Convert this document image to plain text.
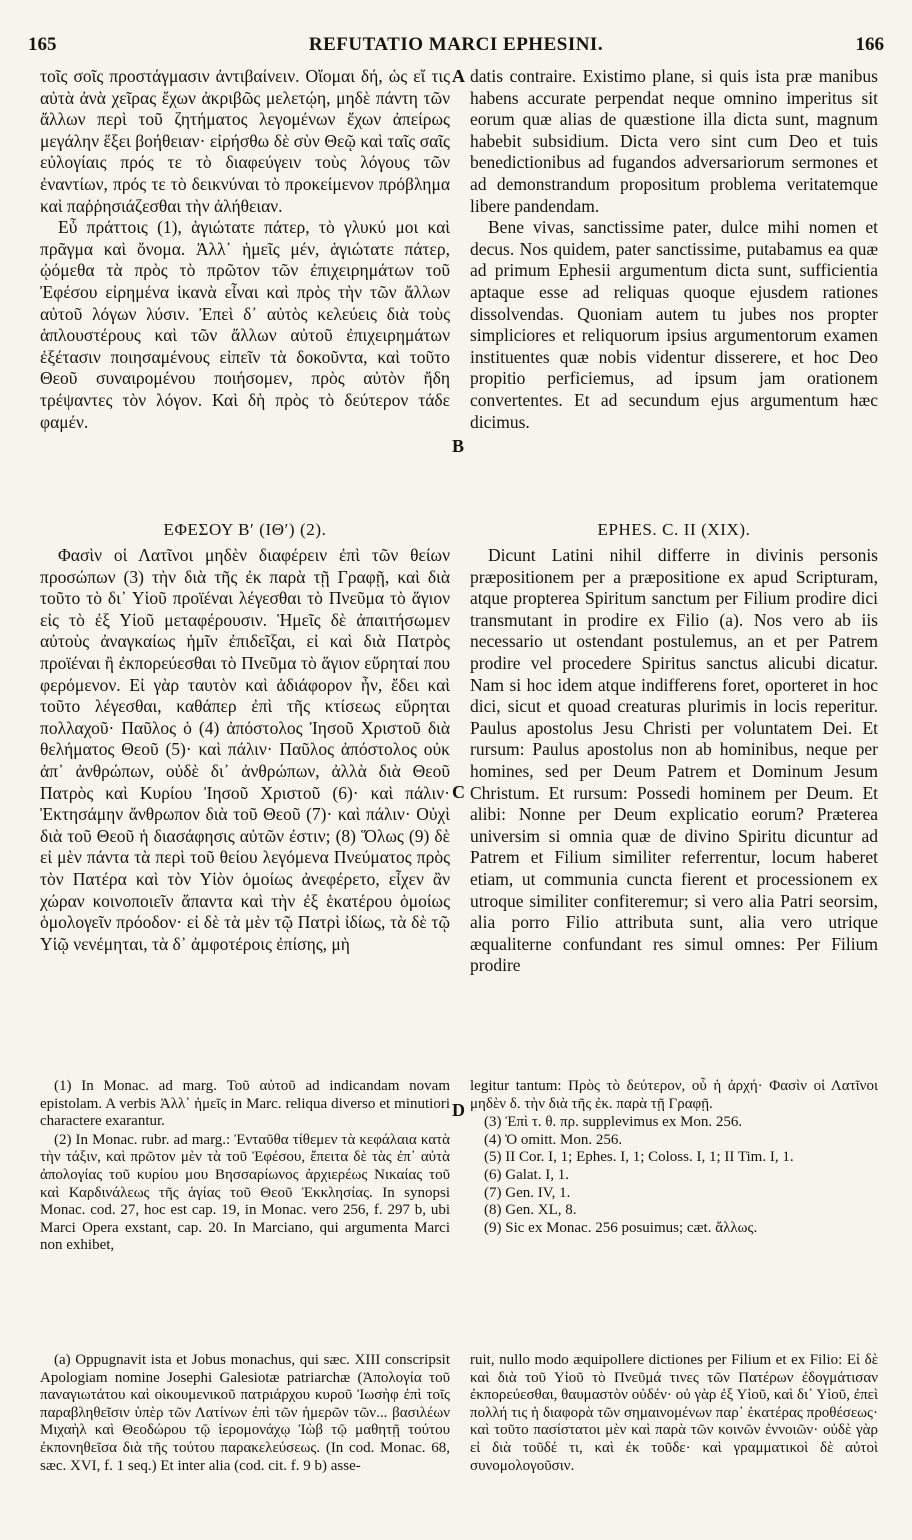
165	REFUTATIO MARCI EPHESINI.	166
A
B
C
D

τοῖς σοῖς προστάγμασιν ἀντιβαίνειν. Οἴομαι δή, ὡς εἴ τις αὐτὰ ἀνὰ χεῖρας ἔχων ἀκριβῶς μελετῴη, μηδὲ πάντη τῶν ἄλλων περὶ τοῦ ζητήματος λεγομένων ἔχων ἀπείρως μεγάλην ἕξει βοήθειαν· εἰρήσθω δὲ σὺν Θεῷ καὶ ταῖς σαῖς εὐλογίαις πρός τε τὸ διαφεύγειν τοὺς λόγους τῶν ἐναντίων, πρός τε τὸ δεικνύναι τὸ προκείμενον πρόβλημα καὶ παῤῥησιάζεσθαι τὴν ἀλήθειαν.

Εὖ πράττοις (1), ἁγιώτατε πάτερ, τὸ γλυκύ μοι καὶ πρᾶγμα καὶ ὄνομα. Ἀλλ᾽ ἡμεῖς μέν, ἁγιώτατε πάτερ, ᾠόμεθα τὰ πρὸς τὸ πρῶτον τῶν ἐπιχειρημάτων τοῦ Ἐφέσου εἰρημένα ἱκανὰ εἶναι καὶ πρὸς τὴν τῶν ἄλλων αὐτοῦ λόγων λύσιν. Ἐπεὶ δ᾽ αὐτὸς κελεύεις διὰ τοὺς ἁπλουστέρους καὶ τῶν ἄλλων αὐτοῦ ἐπιχειρημάτων ἐξέτασιν ποιησαμένους εἰπεῖν τὰ δοκοῦντα, καὶ τοῦτο Θεοῦ συναιρομένου ποιήσομεν, πρὸς αὐτὸν ἤδη τρέψαντες τὸν λόγον. Καὶ δὴ πρὸς τὸ δεύτερον τάδε φαμέν.

datis contraire. Existimo plane, si quis ista præ manibus habens accurate perpendat neque omnino imperitus sit eorum quæ alias de quæstione illa dicta sunt, magnum habebit subsidium. Dicta vero sint cum Deo et tuis benedictionibus ad fugandos adversariorum sermones et ad demonstrandum propositum problema veritatemque libere pandendam.

Bene vivas, sanctissime pater, dulce mihi nomen et decus. Nos quidem, pater sanctissime, putabamus ea quæ ad primum Ephesii argumentum dicta sunt, sufficientia aptaque esse ad reliquas quoque ejusdem rationes dissolvendas. Quoniam autem tu jubes nos propter simpliciores et reliquorum ipsius argumentorum examen instituentes quæ nobis videntur disserere, et hoc Deo propitio perficiemus, ad ipsum jam orationem convertentes. Et ad secundum ejus argumentum hæc dicimus.

ΕΦΕΣΟΥ Β′ (ΙΘ′) (2).	EPHES. C. II (XIX).

Φασὶν οἱ Λατῖνοι μηδὲν διαφέρειν ἐπὶ τῶν θείων προσώπων (3) τὴν διὰ τῆς ἐκ παρὰ τῇ Γραφῇ, καὶ διὰ τοῦτο τὸ δι᾽ Υἱοῦ προϊέναι λέγεσθαι τὸ Πνεῦμα τὸ ἅγιον εἰς τὸ ἐξ Υἱοῦ μεταφέρουσιν. Ἡμεῖς δὲ ἀπαιτήσωμεν αὐτοὺς ἀναγκαίως ἡμῖν ἐπιδεῖξαι, εἰ καὶ διὰ Πατρὸς προϊέναι ἢ ἐκπορεύεσθαι τὸ Πνεῦμα τὸ ἅγιον εὕρηταί που φερόμενον. Εἰ γὰρ ταυτὸν καὶ ἀδιάφορον ἦν, ἔδει καὶ τοῦτο λέγεσθαι, καθάπερ ἐπὶ τῆς κτίσεως εὕρηται πολλαχοῦ· Παῦλος ὁ (4) ἀπόστολος Ἰησοῦ Χριστοῦ διὰ θελήματος Θεοῦ (5)· καὶ πάλιν· Παῦλος ἀπόστολος οὐκ ἀπ᾽ ἀνθρώπων, οὐδὲ δι᾽ ἀνθρώπων, ἀλλὰ διὰ Θεοῦ Πατρὸς καὶ Κυρίου Ἰησοῦ Χριστοῦ (6)· καὶ πάλιν· Ἐκτησάμην ἄνθρωπον διὰ τοῦ Θεοῦ (7)· καὶ πάλιν· Οὐχὶ διὰ τοῦ Θεοῦ ἡ διασάφησις αὐτῶν ἐστιν; (8) Ὅλως (9) δὲ εἰ μὲν πάντα τὰ περὶ τοῦ θείου λεγόμενα Πνεύματος πρὸς τὸν Πατέρα καὶ τὸν Υἱὸν ὁμοίως ἀνεφέρετο, εἶχεν ἂν χώραν κοινοποιεῖν ἅπαντα καὶ τὴν ἐξ ἑκατέρου ὁμοίως ὁμολογεῖν πρόοδον· εἰ δὲ τὰ μὲν τῷ Πατρὶ ἰδίως, τὰ δὲ τῷ Υἱῷ νενέμηται, τὰ δ᾽ ἀμφοτέροις ἐπίσης, μὴ

Dicunt Latini nihil differre in divinis personis præpositionem per a præpositione ex apud Scripturam, atque propterea Spiritum sanctum per Filium prodire dici transmutant in prodire ex Filio (a). Nos vero ab iis necessario ut ostendant postulemus, an et per Patrem prodire vel procedere Spiritus sanctus alicubi dicatur. Nam si hoc idem atque indifferens foret, oporteret in hoc dici, sicut et quoad creaturas plurimis in locis reperitur. Paulus apostolus Jesu Christi per voluntatem Dei. Et rursum: Paulus apostolus non ab hominibus, neque per homines, sed per Deum Patrem et Dominum Jesum Christum. Et rursum: Possedi hominem per Deum. Et alibi: Nonne per Deum explicatio eorum? Præterea universim si omnia quæ de divino Spiritu dicuntur ad Patrem et Filium similiter referrentur, locum haberet etiam, ut communia cuncta fierent et processionem ex utroque similiter confiteremur; si vero alia Patri seorsim, alia porro Filio attributa sunt, alia vero utrique æqualiterne confundant res simul omnes: Per Filium prodire

(1) In Monac. ad marg. Τοῦ αὐτοῦ ad indicandam novam epistolam. A verbis Ἀλλ᾽ ἡμεῖς in Marc. reliqua diverso et minutiori charactere exarantur.

(2) In Monac. rubr. ad marg.: Ἐνταῦθα τίθεμεν τὰ κεφάλαια κατὰ τὴν τάξιν, καὶ πρῶτον μὲν τὰ τοῦ Ἐφέσου, ἔπειτα δὲ τὰς ἐπ᾽ αὐτὰ ἀπολογίας τοῦ κυρίου μου Βησσαρίωνος ἀρχιερέως Νικαίας τοῦ καὶ Καρδινάλεως τῆς ἁγίας τοῦ Θεοῦ Ἐκκλησίας. In synopsi Monac. cod. 27, hoc est cap. 19, in Monac. vero 256, f. 297 b, ubi Marci Opera exstant, cap. 20. In Marciano, qui argumenta Marci non exhibet,

legitur tantum: Πρὸς τὸ δεύτερον, οὗ ἡ ἀρχή· Φασὶν οἱ Λατῖνοι μηδὲν δ. τὴν διὰ τῆς ἐκ. παρὰ τῇ Γραφῇ.

(3) Ἐπὶ τ. θ. πρ. supplevimus ex Mon. 256.

(4) Ὁ omitt. Mon. 256.

(5) II Cor. I, 1; Ephes. I, 1; Coloss. I, 1; II Tim. I, 1.

(6) Galat. I, 1.

(7) Gen. IV, 1.

(8) Gen. XL, 8.

(9) Sic ex Monac. 256 posuimus; cæt. ἄλλως.

(a) Oppugnavit ista et Jobus monachus, qui sæc. XIII conscripsit Apologiam nomine Josephi Galesiotæ patriarchæ (Ἀπολογία τοῦ παναγιωτάτου καὶ οἰκουμενικοῦ πατριάρχου κυροῦ Ἰωσὴφ ἐπὶ τοῖς παραβληθεῖσιν ὑπὲρ τῶν Λατίνων ἐπὶ τῶν ἡμερῶν τῶν... βασιλέων Μιχαὴλ καὶ Θεοδώρου τῷ ἱερομονάχῳ Ἰὼβ τῷ μαθητῇ τούτου ἐκπονηθεῖσα διὰ τῆς τούτου παρακελεύσεως. (In cod. Monac. 68, sæc. XVI, f. 1 seq.) Et inter alia (cod. cit. f. 9 b) asse-

ruit, nullo modo æquipollere dictiones per Filium et ex Filio: Εἰ δὲ καὶ διὰ τοῦ Υἱοῦ τὸ Πνεῦμά τινες τῶν Πατέρων ἐδογμάτισαν ἐκπορεύεσθαι, θαυμαστὸν οὐδέν· οὐ γὰρ ἐξ Υἱοῦ, καὶ δι᾽ Υἱοῦ, ἐπεὶ πολλή τις ἡ διαφορὰ τῶν σημαινομένων παρ᾽ ἑκατέρας προθέσεως· καὶ τοῦτο πασίστατοι μὲν καὶ παρὰ τῶν κοινῶν ἐννοιῶν· οὐδὲ γὰρ εἰ διὰ τοῦδέ τι, καὶ ἐκ τοῦδε· καὶ γραμματικοὶ δὲ αὐτοὶ συνομολογοῦσιν.
